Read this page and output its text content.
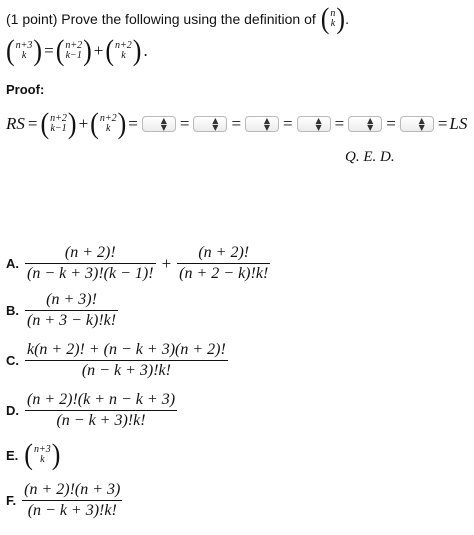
(1 point) Prove the following using the definition of ( n
k ) .
( n+3
k ) = ( n+2
k−1 ) + ( n+2
k ) .
Proof:
RS = ( n+2
k−1 ) + ( n+2
k ) =	▲
▼ =	▲
▼ =	▲
▼ =	▲
▼ =	▲
▼ =	▲
▼ = LS
Q. E. D.
A. $\frac{(n + 2)!}{(n - k + 3)!(k - 1)!} + \frac{(n + 2)!}{(n + 2 - k)!k!}$
B. $\frac{(n + 3)!}{(n + 3 - k)!k!}$
C. $\frac{k(n + 2)! + (n - k + 3)(n + 2)!}{(n - k + 3)!k!}$
D. $\frac{(n + 2)!(k + n - k + 3)}{(n - k + 3)!k!}$
E. ( n+3
k )
F. $\frac{(n + 2)!(n + 3)}{(n - k + 3)!k!}$
